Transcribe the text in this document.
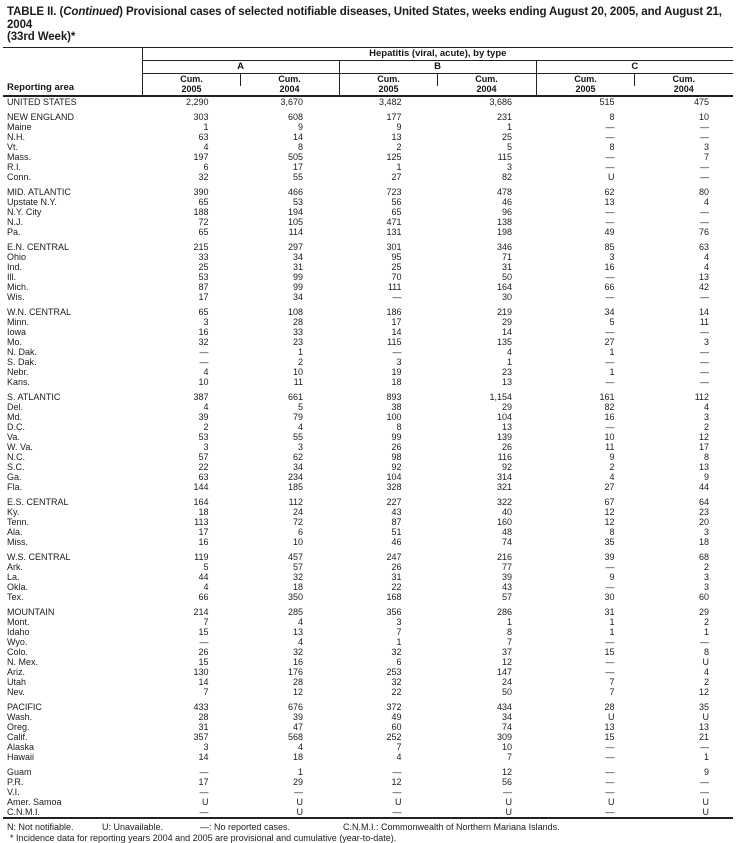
TABLE II. (Continued) Provisional cases of selected notifiable diseases, United States, weeks ending August 20, 2005, and August 21, 2004
(33rd Week)*
Reporting area	Hepatitis (viral, acute), by type					
	A		B		C	

Cum.
2005

Cum.
2004

Cum.
2005

Cum.
2004

Cum.
2005

Cum.
2004

UNITED STATES	2,290	3,670	3,482	3,686	515	475

NEW ENGLAND	303	608	177	231	8	10
Maine	1	9	9	1	—	—
N.H.	63	14	13	25	—	—
Vt.	4	8	2	5	8	3
Mass.	197	505	125	115	—	7
R.I.	6	17	1	3	—	—
Conn.	32	55	27	82	U	—

MID. ATLANTIC	390	466	723	478	62	80
Upstate N.Y.	65	53	56	46	13	4
N.Y. City	188	194	65	96	—	—
N.J.	72	105	471	138	—	—
Pa.	65	114	131	198	49	76

E.N. CENTRAL	215	297	301	346	85	63
Ohio	33	34	95	71	3	4
Ind.	25	31	25	31	16	4
Ill.	53	99	70	50	—	13
Mich.	87	99	111	164	66	42
Wis.	17	34	—	30	—	—

W.N. CENTRAL	65	108	186	219	34	14
Minn.	3	28	17	29	5	11
Iowa	16	33	14	14	—	—
Mo.	32	23	115	135	27	3
N. Dak.	—	1	—	4	1	—
S. Dak.	—	2	3	1	—	—
Nebr.	4	10	19	23	1	—
Kans.	10	11	18	13	—	—

S. ATLANTIC	387	661	893	1,154	161	112
Del.	4	5	38	29	82	4
Md.	39	79	100	104	16	3
D.C.	2	4	8	13	—	2
Va.	53	55	99	139	10	12
W. Va.	3	3	26	26	11	17
N.C.	57	62	98	116	9	8
S.C.	22	34	92	92	2	13
Ga.	63	234	104	314	4	9
Fla.	144	185	328	321	27	44

E.S. CENTRAL	164	112	227	322	67	64
Ky.	18	24	43	40	12	23
Tenn.	113	72	87	160	12	20
Ala.	17	6	51	48	8	3
Miss.	16	10	46	74	35	18

W.S. CENTRAL	119	457	247	216	39	68
Ark.	5	57	26	77	—	2
La.	44	32	31	39	9	3
Okla.	4	18	22	43	—	3
Tex.	66	350	168	57	30	60

MOUNTAIN	214	285	356	286	31	29
Mont.	7	4	3	1	1	2
Idaho	15	13	7	8	1	1
Wyo.	—	4	1	7	—	—
Colo.	26	32	32	37	15	8
N. Mex.	15	16	6	12	—	U
Ariz.	130	176	253	147	—	4
Utah	14	28	32	24	7	2
Nev.	7	12	22	50	7	12

PACIFIC	433	676	372	434	28	35
Wash.	28	39	49	34	U	U
Oreg.	31	47	60	74	13	13
Calif.	357	568	252	309	15	21
Alaska	3	4	7	10	—	—
Hawaii	14	18	4	7	—	1

Guam	—	1	—	12	—	9
P.R.	17	29	12	56	—	—
V.I.	—	—	—	—	—	—
Amer. Samoa	U	U	U	U	U	U
C.N.M.I.	—	U	—	U	—	U
N: Not notifiable.	U: Unavailable.	—: No reported cases.	C.N.M.I.: Commonwealth of Northern Mariana Islands.
* Incidence data for reporting years 2004 and 2005 are provisional and cumulative (year-to-date).
